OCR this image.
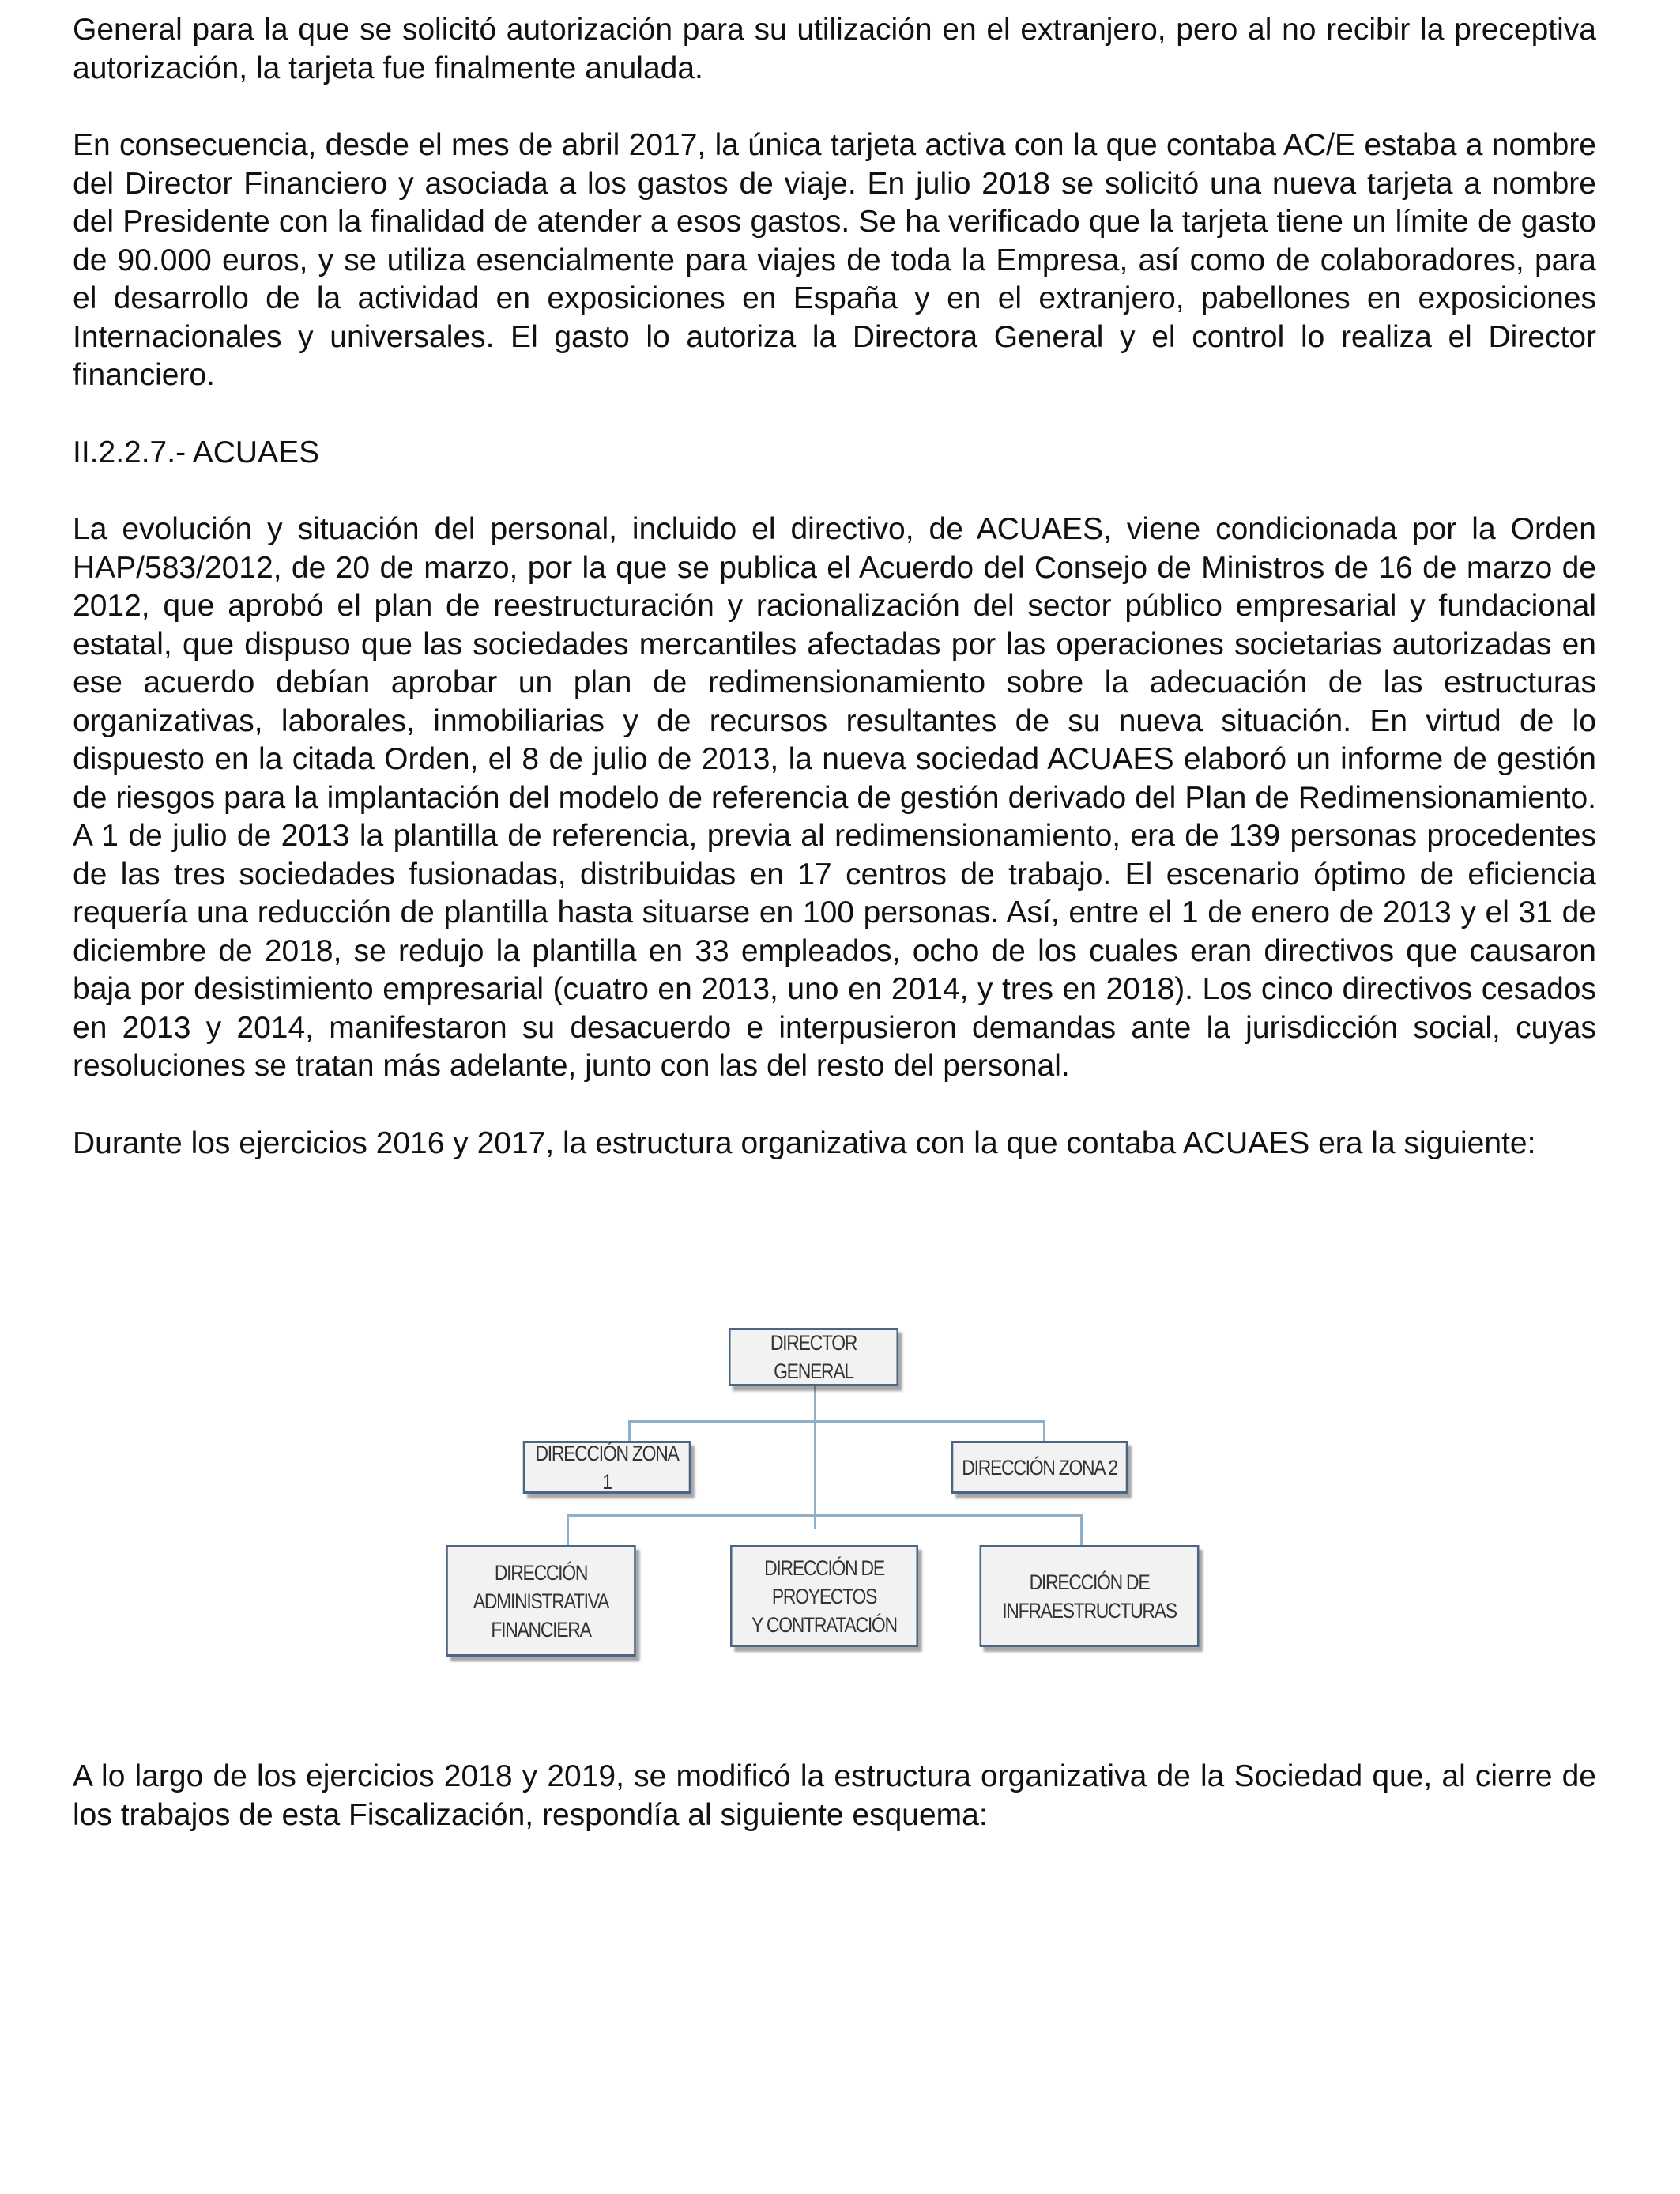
General para la que se solicitó autorización para su utilización en el extranjero, pero al no recibir la preceptiva autorización, la tarjeta fue finalmente anulada.

En consecuencia, desde el mes de abril 2017, la única tarjeta activa con la que contaba AC/E estaba a nombre del Director Financiero y asociada a los gastos de viaje. En julio 2018 se solicitó una nueva tarjeta a nombre del Presidente con la finalidad de atender a esos gastos. Se ha verificado que la tarjeta tiene un límite de gasto de 90.000 euros, y se utiliza esencialmente para viajes de toda la Empresa, así como de colaboradores, para el desarrollo de la actividad en exposiciones en España y en el extranjero, pabellones en exposiciones Internacionales y universales. El gasto lo autoriza la Directora General y el control lo realiza el Director financiero.

II.2.2.7.- ACUAES

La evolución y situación del personal, incluido el directivo, de ACUAES, viene condicionada por la Orden HAP/583/2012, de 20 de marzo, por la que se publica el Acuerdo del Consejo de Ministros de 16 de marzo de 2012, que aprobó el plan de reestructuración y racionalización del sector público empresarial y fundacional estatal, que dispuso que las sociedades mercantiles afectadas por las operaciones societarias autorizadas en ese acuerdo debían aprobar un plan de redimensionamiento sobre la adecuación de las estructuras organizativas, laborales, inmobiliarias y de recursos resultantes de su nueva situación. En virtud de lo dispuesto en la citada Orden, el 8 de julio de 2013, la nueva sociedad ACUAES elaboró un informe de gestión de riesgos para la implantación del modelo de referencia de gestión derivado del Plan de Redimensionamiento. A 1 de julio de 2013 la plantilla de referencia, previa al redimensionamiento, era de 139 personas procedentes de las tres sociedades fusionadas, distribuidas en 17 centros de trabajo. El escenario óptimo de eficiencia requería una reducción de plantilla hasta situarse en 100 personas. Así, entre el 1 de enero de 2013 y el 31 de diciembre de 2018, se redujo la plantilla en 33 empleados, ocho de los cuales eran directivos que causaron baja por desistimiento empresarial (cuatro en 2013, uno en 2014, y tres en 2018). Los cinco directivos cesados en 2013 y 2014, manifestaron su desacuerdo e interpusieron demandas ante la jurisdicción social, cuyas resoluciones se tratan más adelante, junto con las del resto del personal.

Durante los ejercicios 2016 y 2017, la estructura organizativa con la que contaba ACUAES era la siguiente:

DIRECTOR GENERAL
DIRECCIÓN ZONA 1
DIRECCIÓN ZONA 2
DIRECCIÓN
ADMINISTRATIVA
FINANCIERA
DIRECCIÓN DE PROYECTOS
Y CONTRATACIÓN
DIRECCIÓN DE
INFRAESTRUCTURAS

A lo largo de los ejercicios 2018 y 2019, se modificó la estructura organizativa de la Sociedad que, al cierre de los trabajos de esta Fiscalización, respondía al siguiente esquema:
